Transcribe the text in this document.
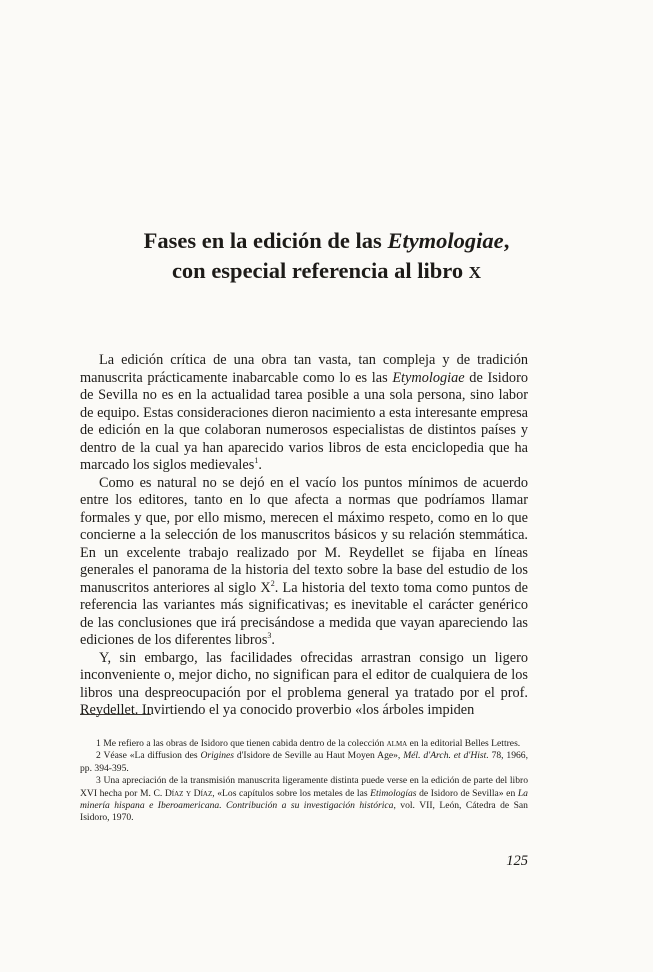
Fases en la edición de las Etymologiae,
con especial referencia al libro x

La edición crítica de una obra tan vasta, tan compleja y de tradición manuscrita prácticamente inabarcable como lo es las Etymologiae de Isidoro de Sevilla no es en la actualidad tarea posible a una sola persona, sino labor de equipo. Estas consideraciones dieron nacimiento a esta interesante empresa de edición en la que colaboran numerosos especialistas de distintos países y dentro de la cual ya han aparecido varios libros de esta enciclopedia que ha marcado los siglos medievales$^1$.

Como es natural no se dejó en el vacío los puntos mínimos de acuerdo entre los editores, tanto en lo que afecta a normas que podríamos llamar formales y que, por ello mismo, merecen el máximo respeto, como en lo que concierne a la selección de los manuscritos básicos y su relación stemmática. En un excelente trabajo realizado por M. Reydellet se fijaba en líneas generales el panorama de la historia del texto sobre la base del estudio de los manuscritos anteriores al siglo $X^2$. La historia del texto toma como puntos de referencia las variantes más significativas; es inevitable el carácter genérico de las conclusiones que irá precisándose a medida que vayan apareciendo las ediciones de los diferentes libros$^3$.

Y, sin embargo, las facilidades ofrecidas arrastran consigo un ligero inconveniente o, mejor dicho, no significan para el editor de cualquiera de los libros una despreocupación por el problema general ya tratado por el prof. Reydellet. Invirtiendo el ya conocido proverbio «los árboles impiden

1 Me refiero a las obras de Isidoro que tienen cabida dentro de la colección alma en la editorial Belles Lettres.

2 Véase «La diffusion des Origines d'Isidore de Seville au Haut Moyen Age», Mél. d'Arch. et d'Hist. 78, 1966, pp. 394-395.

3 Una apreciación de la transmisión manuscrita ligeramente distinta puede verse en la edición de parte del libro XVI hecha por M. C. Díaz y Díaz, «Los capítulos sobre los metales de las Etimologías de Isidoro de Sevilla» en La minería hispana e Iberoamericana. Contribución a su investigación histórica, vol. VII, León, Cátedra de San Isidoro, 1970.

125
